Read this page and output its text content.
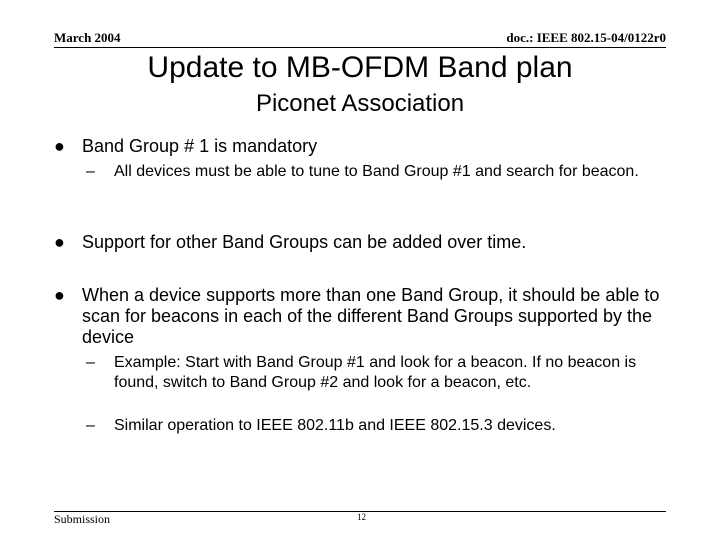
March 2004	doc.: IEEE 802.15-04/0122r0
Update to MB-OFDM Band plan
Piconet Association
● Band Group # 1 is mandatory
– All devices must be able to tune to Band Group #1 and search for beacon.
● Support for other Band Groups can be added over time.
● When a device supports more than one Band Group, it should be able to scan for beacons in each of the different Band Groups supported by the device
– Example: Start with Band Group #1 and look for a beacon. If no beacon is found, switch to Band Group #2 and look for a beacon, etc.
– Similar operation to IEEE 802.11b and IEEE 802.15.3 devices.
Submission	12
